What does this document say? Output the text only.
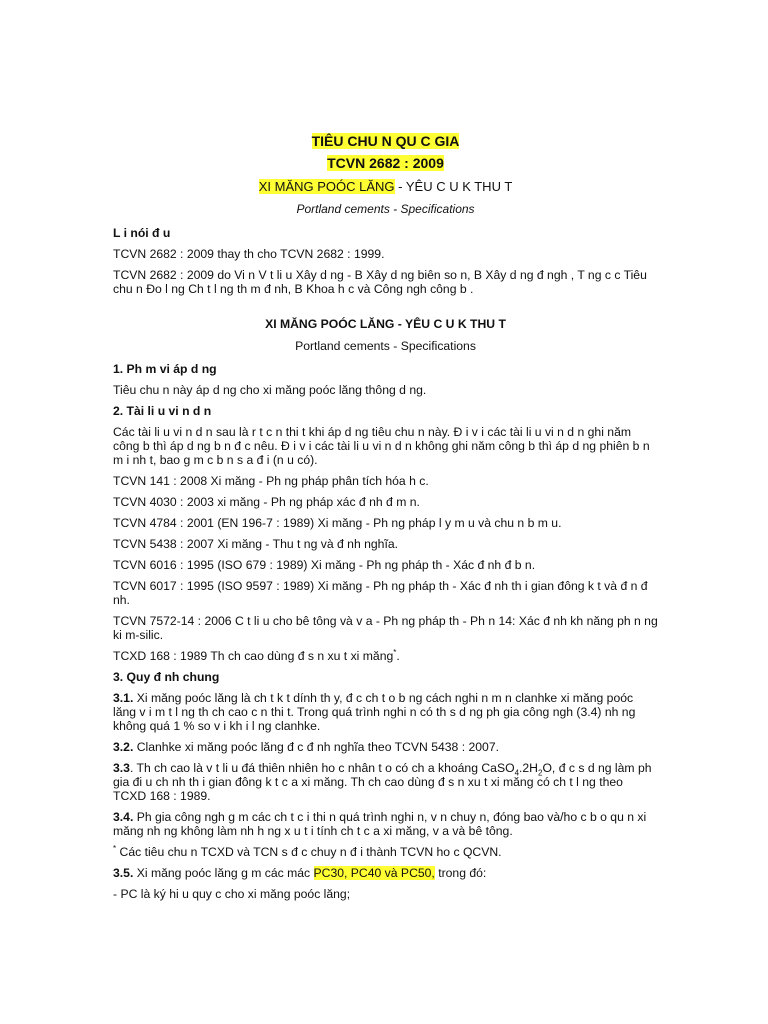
TIÊU CHU N QU C GIA
TCVN 2682 : 2009
XI MĂNG POÓC LĂNG - YÊU C U K THU T
Portland cements - Specifications
L i nói đ u
TCVN 2682 : 2009 thay th cho TCVN 2682 : 1999.
TCVN 2682 : 2009 do Vi n V t li u Xây d ng - B Xây d ng biên so n, B Xây d ng đ ngh , T ng c c Tiêu chu n Đo l ng Ch t l ng th m đ nh, B Khoa h c và Công ngh công b .
XI MĂNG POÓC LĂNG - YÊU C U K THU T
Portland cements - Specifications
1. Ph m vi áp d ng
Tiêu chu n này áp d ng cho xi măng poóc lăng thông d ng.
2. Tài li u vi n d n
Các tài li u vi n d n sau là r t c n thi t khi áp d ng tiêu chu n này. Đ i v i các tài li u vi n d n ghi năm công b thì áp d ng b n đ c nêu. Đ i v i các tài li u vi n d n không ghi năm công b thì áp d ng phiên b n m i nh t, bao g m c b n s a đ i (n u có).
TCVN 141 : 2008 Xi măng - Ph ng pháp phân tích hóa h c.
TCVN 4030 : 2003 xi măng - Ph ng pháp xác đ nh đ m n.
TCVN 4784 : 2001 (EN 196-7 : 1989) Xi măng - Ph ng pháp l y m u và chu n b m u.
TCVN 5438 : 2007 Xi măng - Thu t ng và đ nh nghĩa.
TCVN 6016 : 1995 (ISO 679 : 1989) Xi măng - Ph ng pháp th - Xác đ nh đ b n.
TCVN 6017 : 1995 (ISO 9597 : 1989) Xi măng - Ph ng pháp th - Xác đ nh th i gian đông k t và đ n đ nh.
TCVN 7572-14 : 2006 C t li u cho bê tông và v a - Ph ng pháp th - Ph n 14: Xác đ nh kh năng ph n ng ki m-silic.
TCXD 168 : 1989 Th ch cao dùng đ s n xu t xi măng*.
3. Quy đ nh chung
3.1. Xi măng poóc lăng là ch t k t dính th y, đ c ch t o b ng cách nghi n m n clanhke xi măng poóc lăng v i m t l ng th ch cao c n thi t. Trong quá trình nghi n có th s d ng ph gia công ngh (3.4) nh ng không quá 1 % so v i kh i l ng clanhke.
3.2. Clanhke xi măng poóc lăng đ c đ nh nghĩa theo TCVN 5438 : 2007.
3.3. Th ch cao là v t li u đá thiên nhiên ho c nhân t o có ch a khoáng $CaSO_4.2H_2O$, đ c s d ng làm ph gia đi u ch nh th i gian đông k t c a xi măng. Th ch cao dùng đ s n xu t xi măng có ch t l ng theo TCXD 168 : 1989.
3.4. Ph gia công ngh g m các ch t c i thi n quá trình nghi n, v n chuy n, đóng bao và/ho c b o qu n xi măng nh ng không làm nh h ng x u t i tính ch t c a xi măng, v a và bê tông.
* Các tiêu chu n TCXD và TCN s đ c chuy n đ i thành TCVN ho c QCVN.
3.5. Xi măng poóc lăng g m các mác PC30, PC40 và PC50, trong đó:
- PC là ký hi u quy c cho xi măng poóc lăng;
